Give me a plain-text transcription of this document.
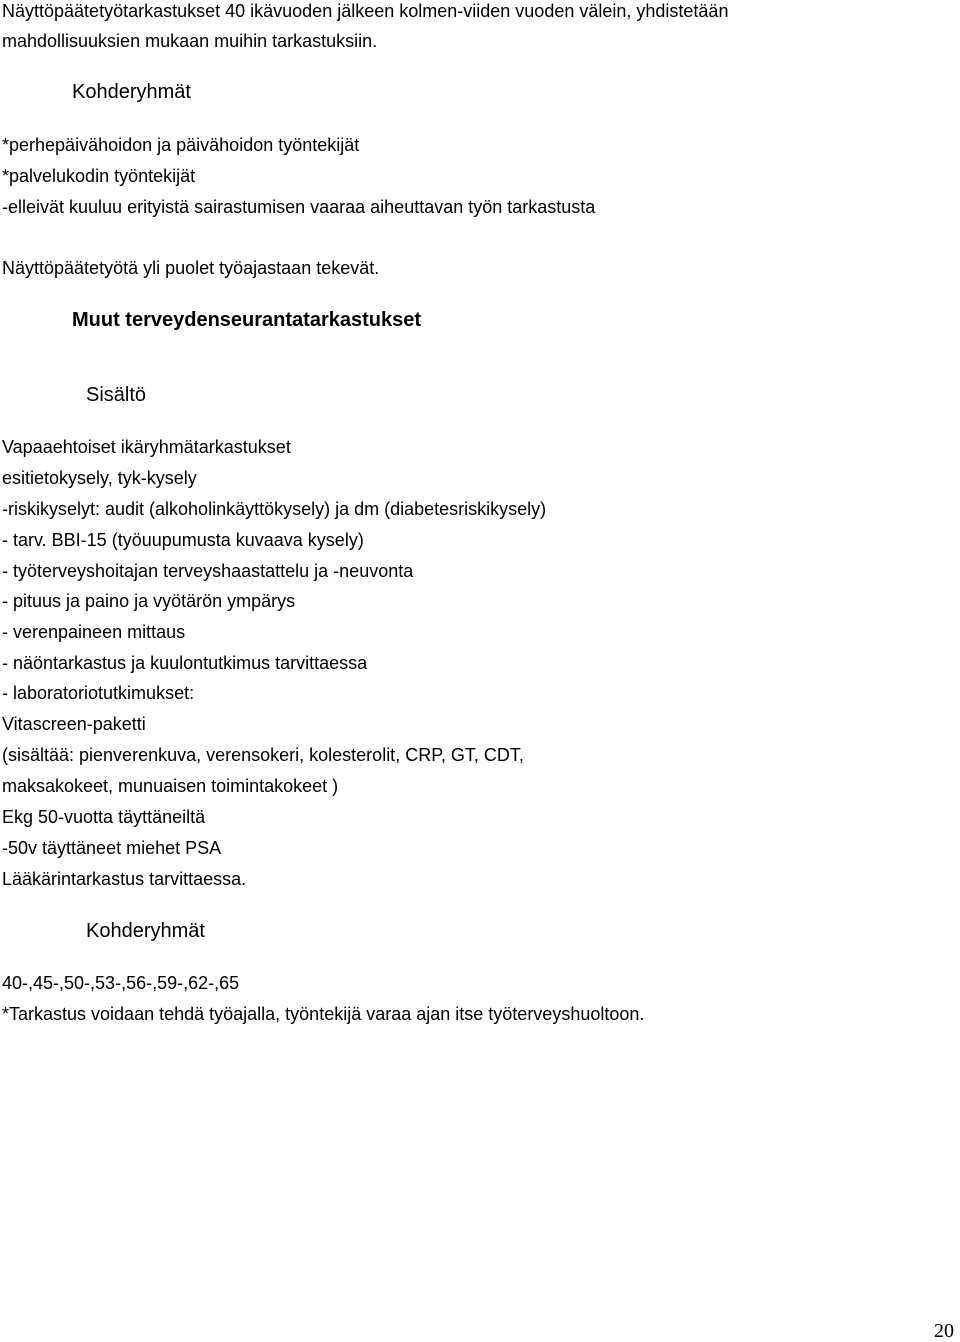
Näyttöpäätetyötarkastukset 40 ikävuoden jälkeen kolmen-viiden vuoden välein, yhdistetään
mahdollisuuksien mukaan muihin tarkastuksiin.
Kohderyhmät
*perhepäivähoidon ja päivähoidon työntekijät
*palvelukodin työntekijät
-elleivät kuuluu erityistä sairastumisen vaaraa aiheuttavan työn tarkastusta
Näyttöpäätetyötä yli puolet työajastaan tekevät.
Muut terveydenseurantatarkastukset
Sisältö
Vapaaehtoiset ikäryhmätarkastukset
esitietokysely, tyk-kysely
-riskikyselyt: audit (alkoholinkäyttökysely) ja dm (diabetesriskikysely)
- tarv. BBI-15 (työuupumusta kuvaava kysely)
- työterveyshoitajan terveyshaastattelu ja -neuvonta
- pituus ja paino ja vyötärön ympärys
- verenpaineen mittaus
- näöntarkastus ja kuulontutkimus tarvittaessa
- laboratoriotutkimukset:
Vitascreen-paketti
(sisältää: pienverenkuva, verensokeri, kolesterolit, CRP, GT, CDT,
maksakokeet, munuaisen toimintakokeet )
Ekg 50-vuotta täyttäneiltä
-50v täyttäneet miehet PSA
Lääkärintarkastus tarvittaessa.
Kohderyhmät
40-,45-,50-,53-,56-,59-,62-,65
*Tarkastus voidaan tehdä työajalla, työntekijä varaa ajan itse työterveyshuoltoon.
20
